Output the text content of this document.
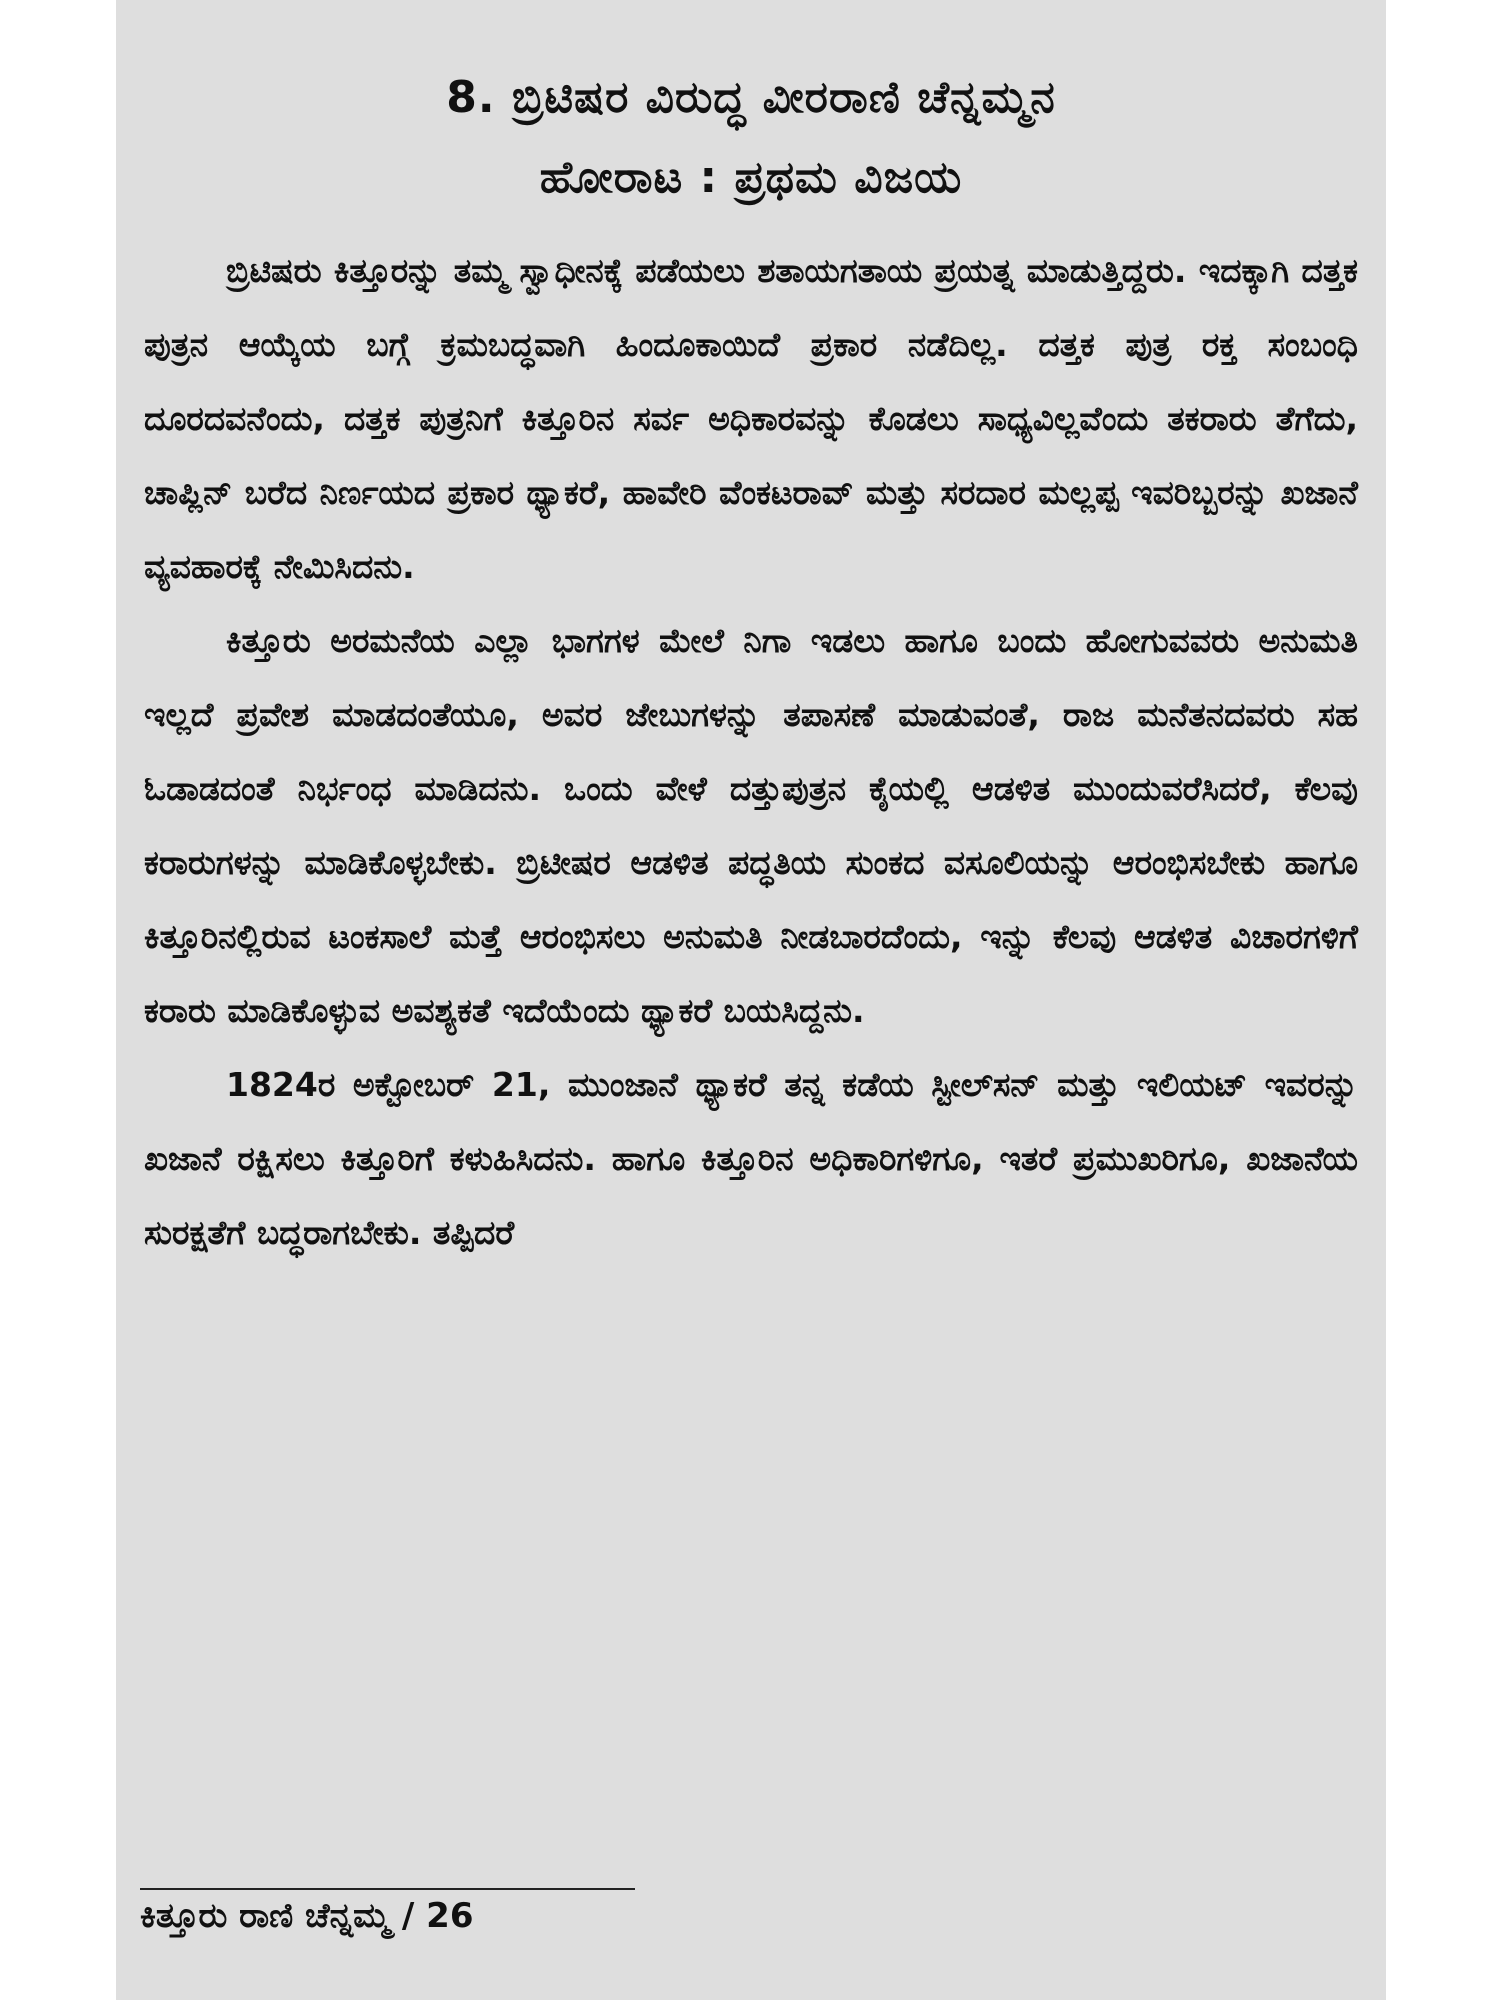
8. ಬ್ರಿಟಿಷರ ವಿರುದ್ಧ ವೀರರಾಣಿ ಚೆನ್ನಮ್ಮನ
ಹೋರಾಟ : ಪ್ರಥಮ ವಿಜಯ

ಬ್ರಿಟಿಷರು ಕಿತ್ತೂರನ್ನು ತಮ್ಮ ಸ್ವಾಧೀನಕ್ಕೆ ಪಡೆಯಲು ಶತಾಯಗತಾಯ ಪ್ರಯತ್ನ ಮಾಡುತ್ತಿದ್ದರು. ಇದಕ್ಕಾಗಿ ದತ್ತಕ ಪುತ್ರನ ಆಯ್ಕೆಯ ಬಗ್ಗೆ ಕ್ರಮಬದ್ಧವಾಗಿ ಹಿಂದೂಕಾಯಿದೆ ಪ್ರಕಾರ ನಡೆದಿಲ್ಲ. ದತ್ತಕ ಪುತ್ರ ರಕ್ತ ಸಂಬಂಧಿ ದೂರದವನೆಂದು, ದತ್ತಕ ಪುತ್ರನಿಗೆ ಕಿತ್ತೂರಿನ ಸರ್ವ ಅಧಿಕಾರವನ್ನು ಕೊಡಲು ಸಾಧ್ಯವಿಲ್ಲವೆಂದು ತಕರಾರು ತೆಗೆದು, ಚಾಪ್ಲಿನ್ ಬರೆದ ನಿರ್ಣಯದ ಪ್ರಕಾರ ಥ್ಯಾಕರೆ, ಹಾವೇರಿ ವೆಂಕಟರಾವ್ ಮತ್ತು ಸರದಾರ ಮಲ್ಲಪ್ಪ ಇವರಿಬ್ಬರನ್ನು ಖಜಾನೆ ವ್ಯವಹಾರಕ್ಕೆ ನೇಮಿಸಿದನು.

ಕಿತ್ತೂರು ಅರಮನೆಯ ಎಲ್ಲಾ ಭಾಗಗಳ ಮೇಲೆ ನಿಗಾ ಇಡಲು ಹಾಗೂ ಬಂದು ಹೋಗುವವರು ಅನುಮತಿ ಇಲ್ಲದೆ ಪ್ರವೇಶ ಮಾಡದಂತೆಯೂ, ಅವರ ಜೇಬುಗಳನ್ನು ತಪಾಸಣೆ ಮಾಡುವಂತೆ, ರಾಜ ಮನೆತನದವರು ಸಹ ಓಡಾಡದಂತೆ ನಿರ್ಭಂಧ ಮಾಡಿದನು. ಒಂದು ವೇಳೆ ದತ್ತುಪುತ್ರನ ಕೈಯಲ್ಲಿ ಆಡಳಿತ ಮುಂದುವರೆಸಿದರೆ, ಕೆಲವು ಕರಾರುಗಳನ್ನು ಮಾಡಿಕೊಳ್ಳಬೇಕು. ಬ್ರಿಟೀಷರ ಆಡಳಿತ ಪದ್ಧತಿಯ ಸುಂಕದ ವಸೂಲಿಯನ್ನು ಆರಂಭಿಸಬೇಕು ಹಾಗೂ ಕಿತ್ತೂರಿನಲ್ಲಿರುವ ಟಂಕಸಾಲೆ ಮತ್ತೆ ಆರಂಭಿಸಲು ಅನುಮತಿ ನೀಡಬಾರದೆಂದು, ಇನ್ನು ಕೆಲವು ಆಡಳಿತ ವಿಚಾರಗಳಿಗೆ ಕರಾರು ಮಾಡಿಕೊಳ್ಳುವ ಅವಶ್ಯಕತೆ ಇದೆಯೆಂದು ಥ್ಯಾಕರೆ ಬಯಸಿದ್ದನು.

1824ರ ಅಕ್ಟೋಬರ್ 21, ಮುಂಜಾನೆ ಥ್ಯಾಕರೆ ತನ್ನ ಕಡೆಯ ಸ್ಟೀಲ್‌ಸನ್ ಮತ್ತು ಇಲಿಯಟ್ ಇವರನ್ನು ಖಜಾನೆ ರಕ್ಷಿಸಲು ಕಿತ್ತೂರಿಗೆ ಕಳುಹಿಸಿದನು. ಹಾಗೂ ಕಿತ್ತೂರಿನ ಅಧಿಕಾರಿಗಳಿಗೂ, ಇತರೆ ಪ್ರಮುಖರಿಗೂ, ಖಜಾನೆಯ ಸುರಕ್ಷತೆಗೆ ಬದ್ಧರಾಗಬೇಕು. ತಪ್ಪಿದರೆ

ಕಿತ್ತೂರು ರಾಣಿ ಚೆನ್ನಮ್ಮ / 26
